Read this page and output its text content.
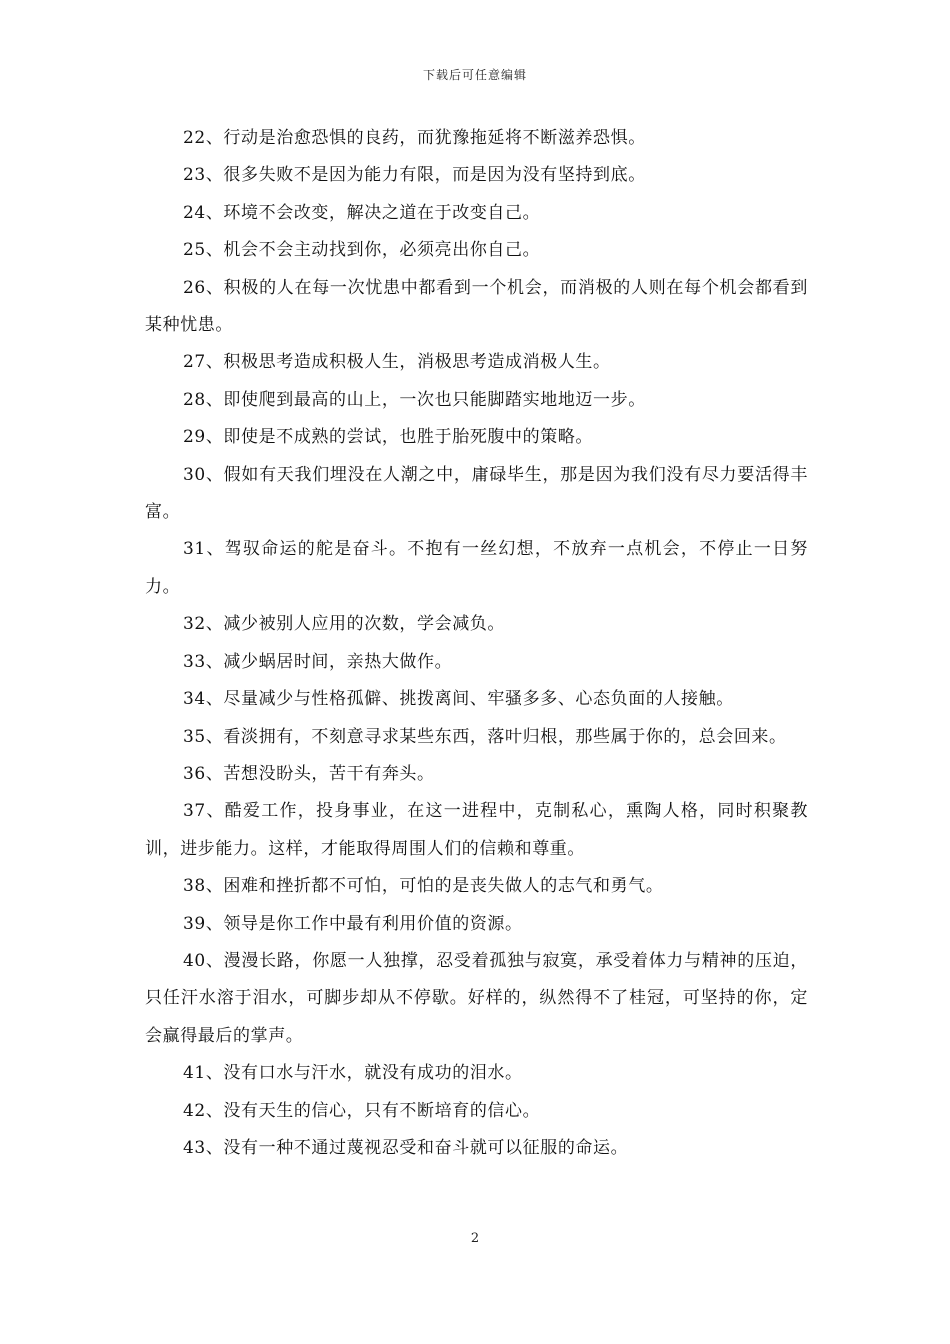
下载后可任意编辑

22、行动是治愈恐惧的良药，而犹豫拖延将不断滋养恐惧。

23、很多失败不是因为能力有限，而是因为没有坚持到底。

24、环境不会改变，解决之道在于改变自己。

25、机会不会主动找到你，必须亮出你自己。

26、积极的人在每一次忧患中都看到一个机会，而消极的人则在每个机会都看到某种忧患。

27、积极思考造成积极人生，消极思考造成消极人生。

28、即使爬到最高的山上，一次也只能脚踏实地地迈一步。

29、即使是不成熟的尝试，也胜于胎死腹中的策略。

30、假如有天我们埋没在人潮之中，庸碌毕生，那是因为我们没有尽力要活得丰富。

31、驾驭命运的舵是奋斗。不抱有一丝幻想，不放弃一点机会，不停止一日努力。

32、减少被别人应用的次数，学会减负。

33、减少蜗居时间，亲热大做作。

34、尽量减少与性格孤僻、挑拨离间、牢骚多多、心态负面的人接触。

35、看淡拥有，不刻意寻求某些东西，落叶归根，那些属于你的，总会回来。

36、苦想没盼头，苦干有奔头。

37、酷爱工作，投身事业，在这一进程中，克制私心，熏陶人格，同时积聚教训，进步能力。这样，才能取得周围人们的信赖和尊重。

38、困难和挫折都不可怕，可怕的是丧失做人的志气和勇气。

39、领导是你工作中最有利用价值的资源。

40、漫漫长路，你愿一人独撑，忍受着孤独与寂寞，承受着体力与精神的压迫，只任汗水溶于泪水，可脚步却从不停歇。好样的，纵然得不了桂冠，可坚持的你，定会赢得最后的掌声。

41、没有口水与汗水，就没有成功的泪水。

42、没有天生的信心，只有不断培育的信心。

43、没有一种不通过蔑视忍受和奋斗就可以征服的命运。

2
